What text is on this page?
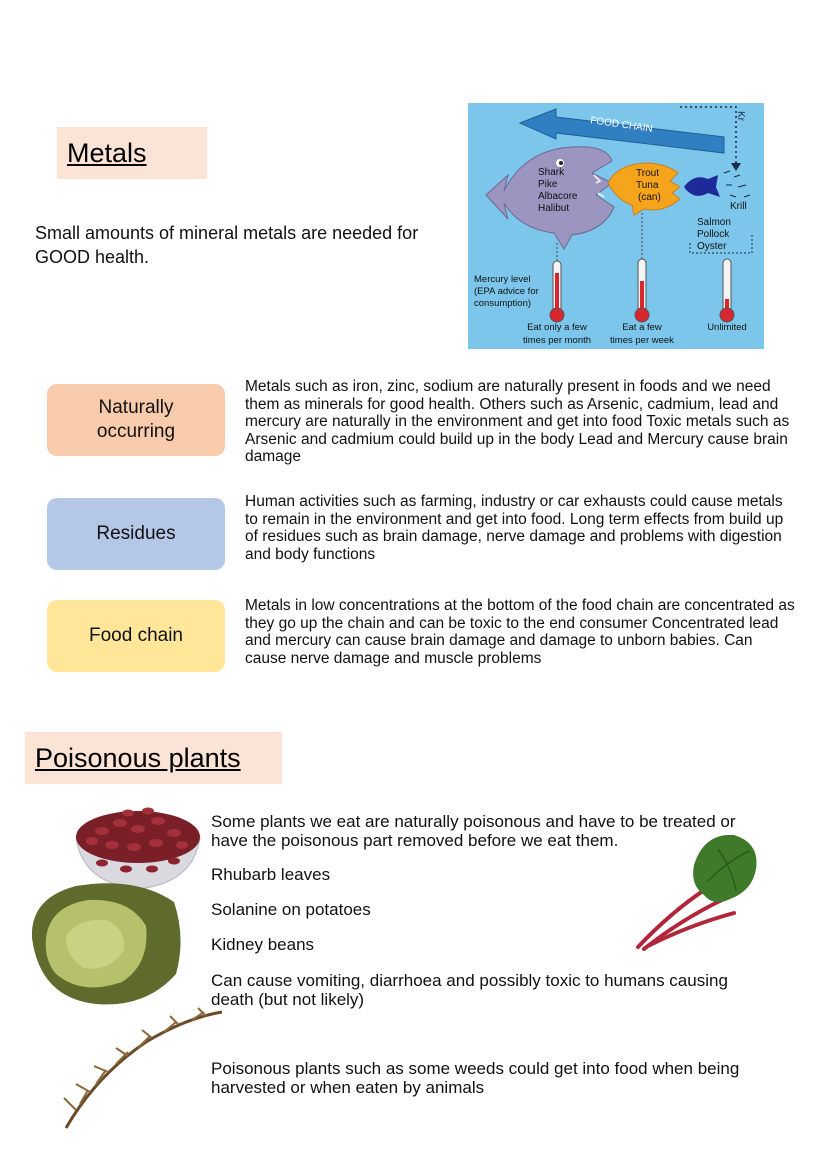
Metals
Small amounts of mineral metals are needed for GOOD health.
Kr
FOOD CHAIN
Shark
Pike
Albacore
Halibut
Trout
Tuna
(can)
Krill
Salmon
Pollock
Oyster
Mercury level
(EPA advice for
consumption)
Eat only a few
times per month
Eat a few
times per week
Unlimited
Naturally occurring
Metals such as iron, zinc, sodium are naturally present in foods and we need them as minerals for good health. Others such as Arsenic, cadmium, lead and mercury are naturally in the environment and get into food Toxic metals such as Arsenic and cadmium could build up in the body Lead and Mercury cause brain damage
Residues
Human activities such as farming, industry or car exhausts could cause metals to remain in the environment and get into food. Long term effects from build up of residues such as brain damage, nerve damage and problems with digestion and body functions
Food chain
Metals in low concentrations at the bottom of the food chain are concentrated as they go up the chain and can be toxic to the end consumer Concentrated lead and mercury can cause brain damage and damage to unborn babies. Can cause nerve damage and muscle problems
Poisonous plants
Some plants we eat are naturally poisonous and have to be treated or have the poisonous part removed before we eat them.
Rhubarb leaves
Solanine on potatoes
Kidney beans
Can cause vomiting, diarrhoea and possibly toxic to humans causing death (but not likely)
Poisonous plants such as some weeds could get into food when being harvested or when eaten by animals
